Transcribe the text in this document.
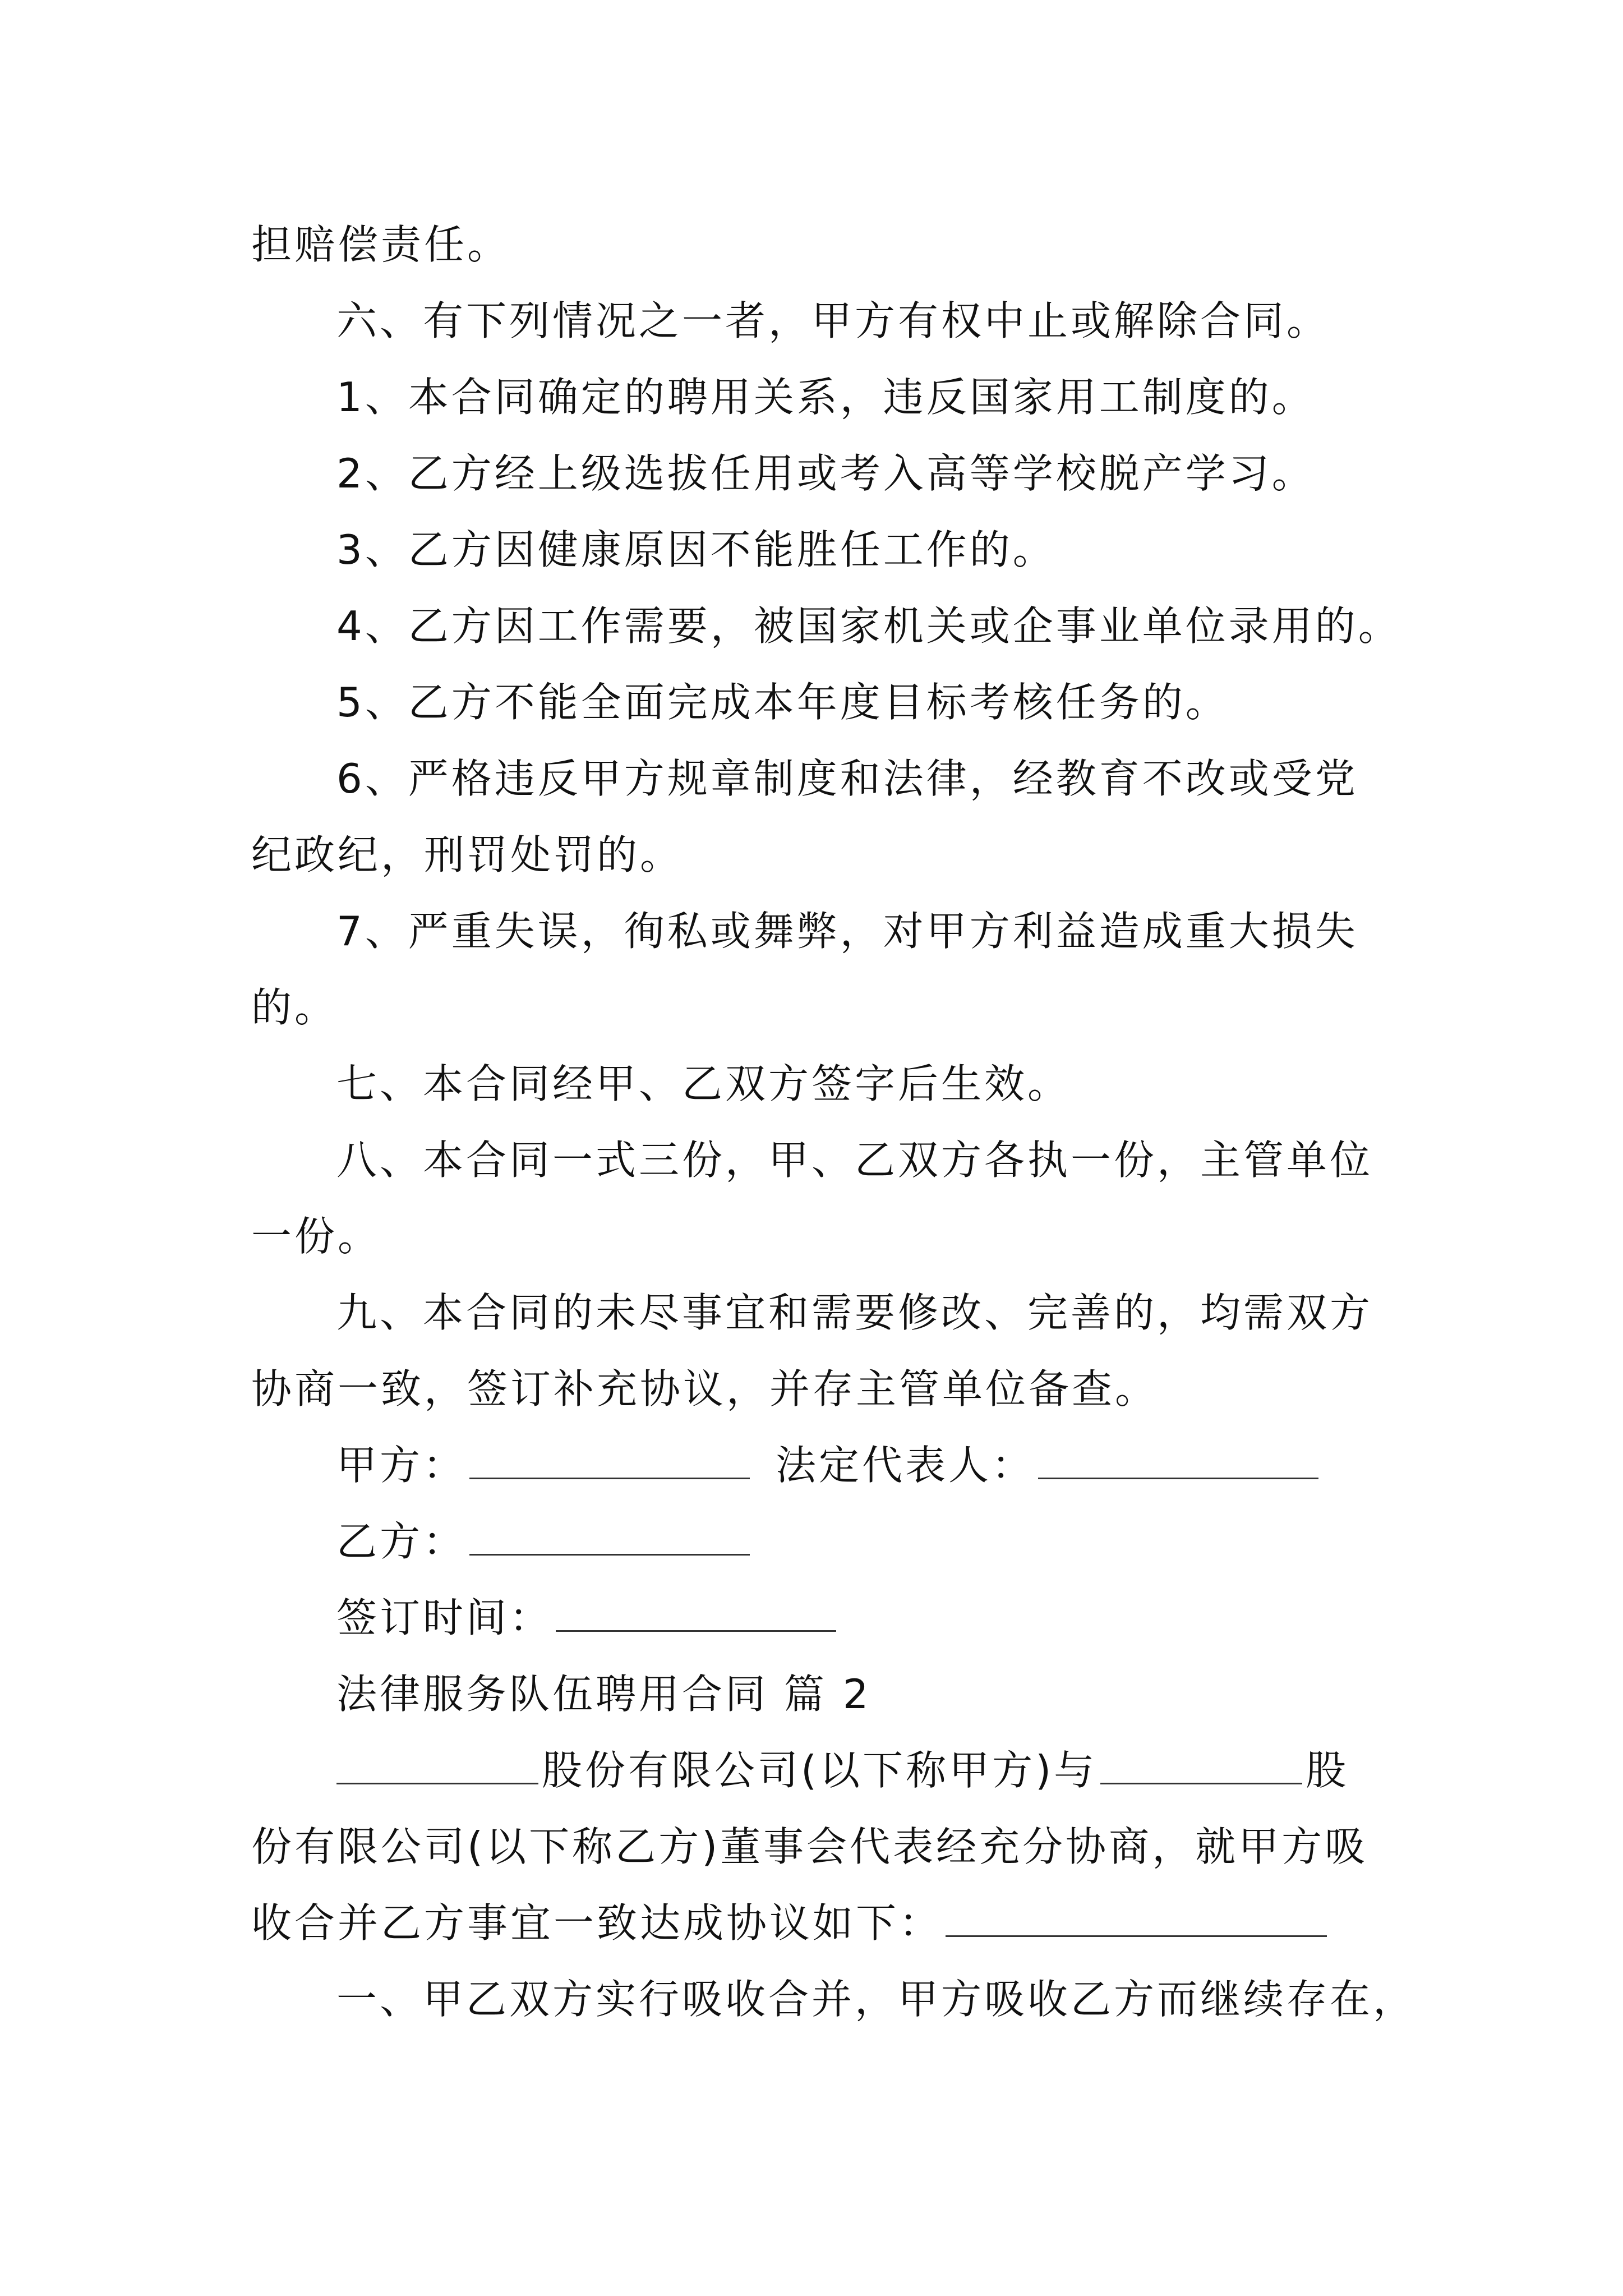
担赔偿责任。
六、有下列情况之一者，甲方有权中止或解除合同。
1、本合同确定的聘用关系，违反国家用工制度的。
2、乙方经上级选拔任用或考入高等学校脱产学习。
3、乙方因健康原因不能胜任工作的。
4、乙方因工作需要，被国家机关或企事业单位录用的。
5、乙方不能全面完成本年度目标考核任务的。
6、严格违反甲方规章制度和法律，经教育不改或受党
纪政纪，刑罚处罚的。
7、严重失误，徇私或舞弊，对甲方利益造成重大损失
的。
七、本合同经甲、乙双方签字后生效。
八、本合同一式三份，甲、乙双方各执一份，主管单位
一份。
九、本合同的未尽事宜和需要修改、完善的，均需双方
协商一致，签订补充协议，并存主管单位备查。
甲方：	法定代表人：
乙方：
签订时间：
法律服务队伍聘用合同 篇 2
股份有限公司(以下称甲方)与	股
份有限公司(以下称乙方)董事会代表经充分协商，就甲方吸
收合并乙方事宜一致达成协议如下：
一、甲乙双方实行吸收合并，甲方吸收乙方而继续存在，
